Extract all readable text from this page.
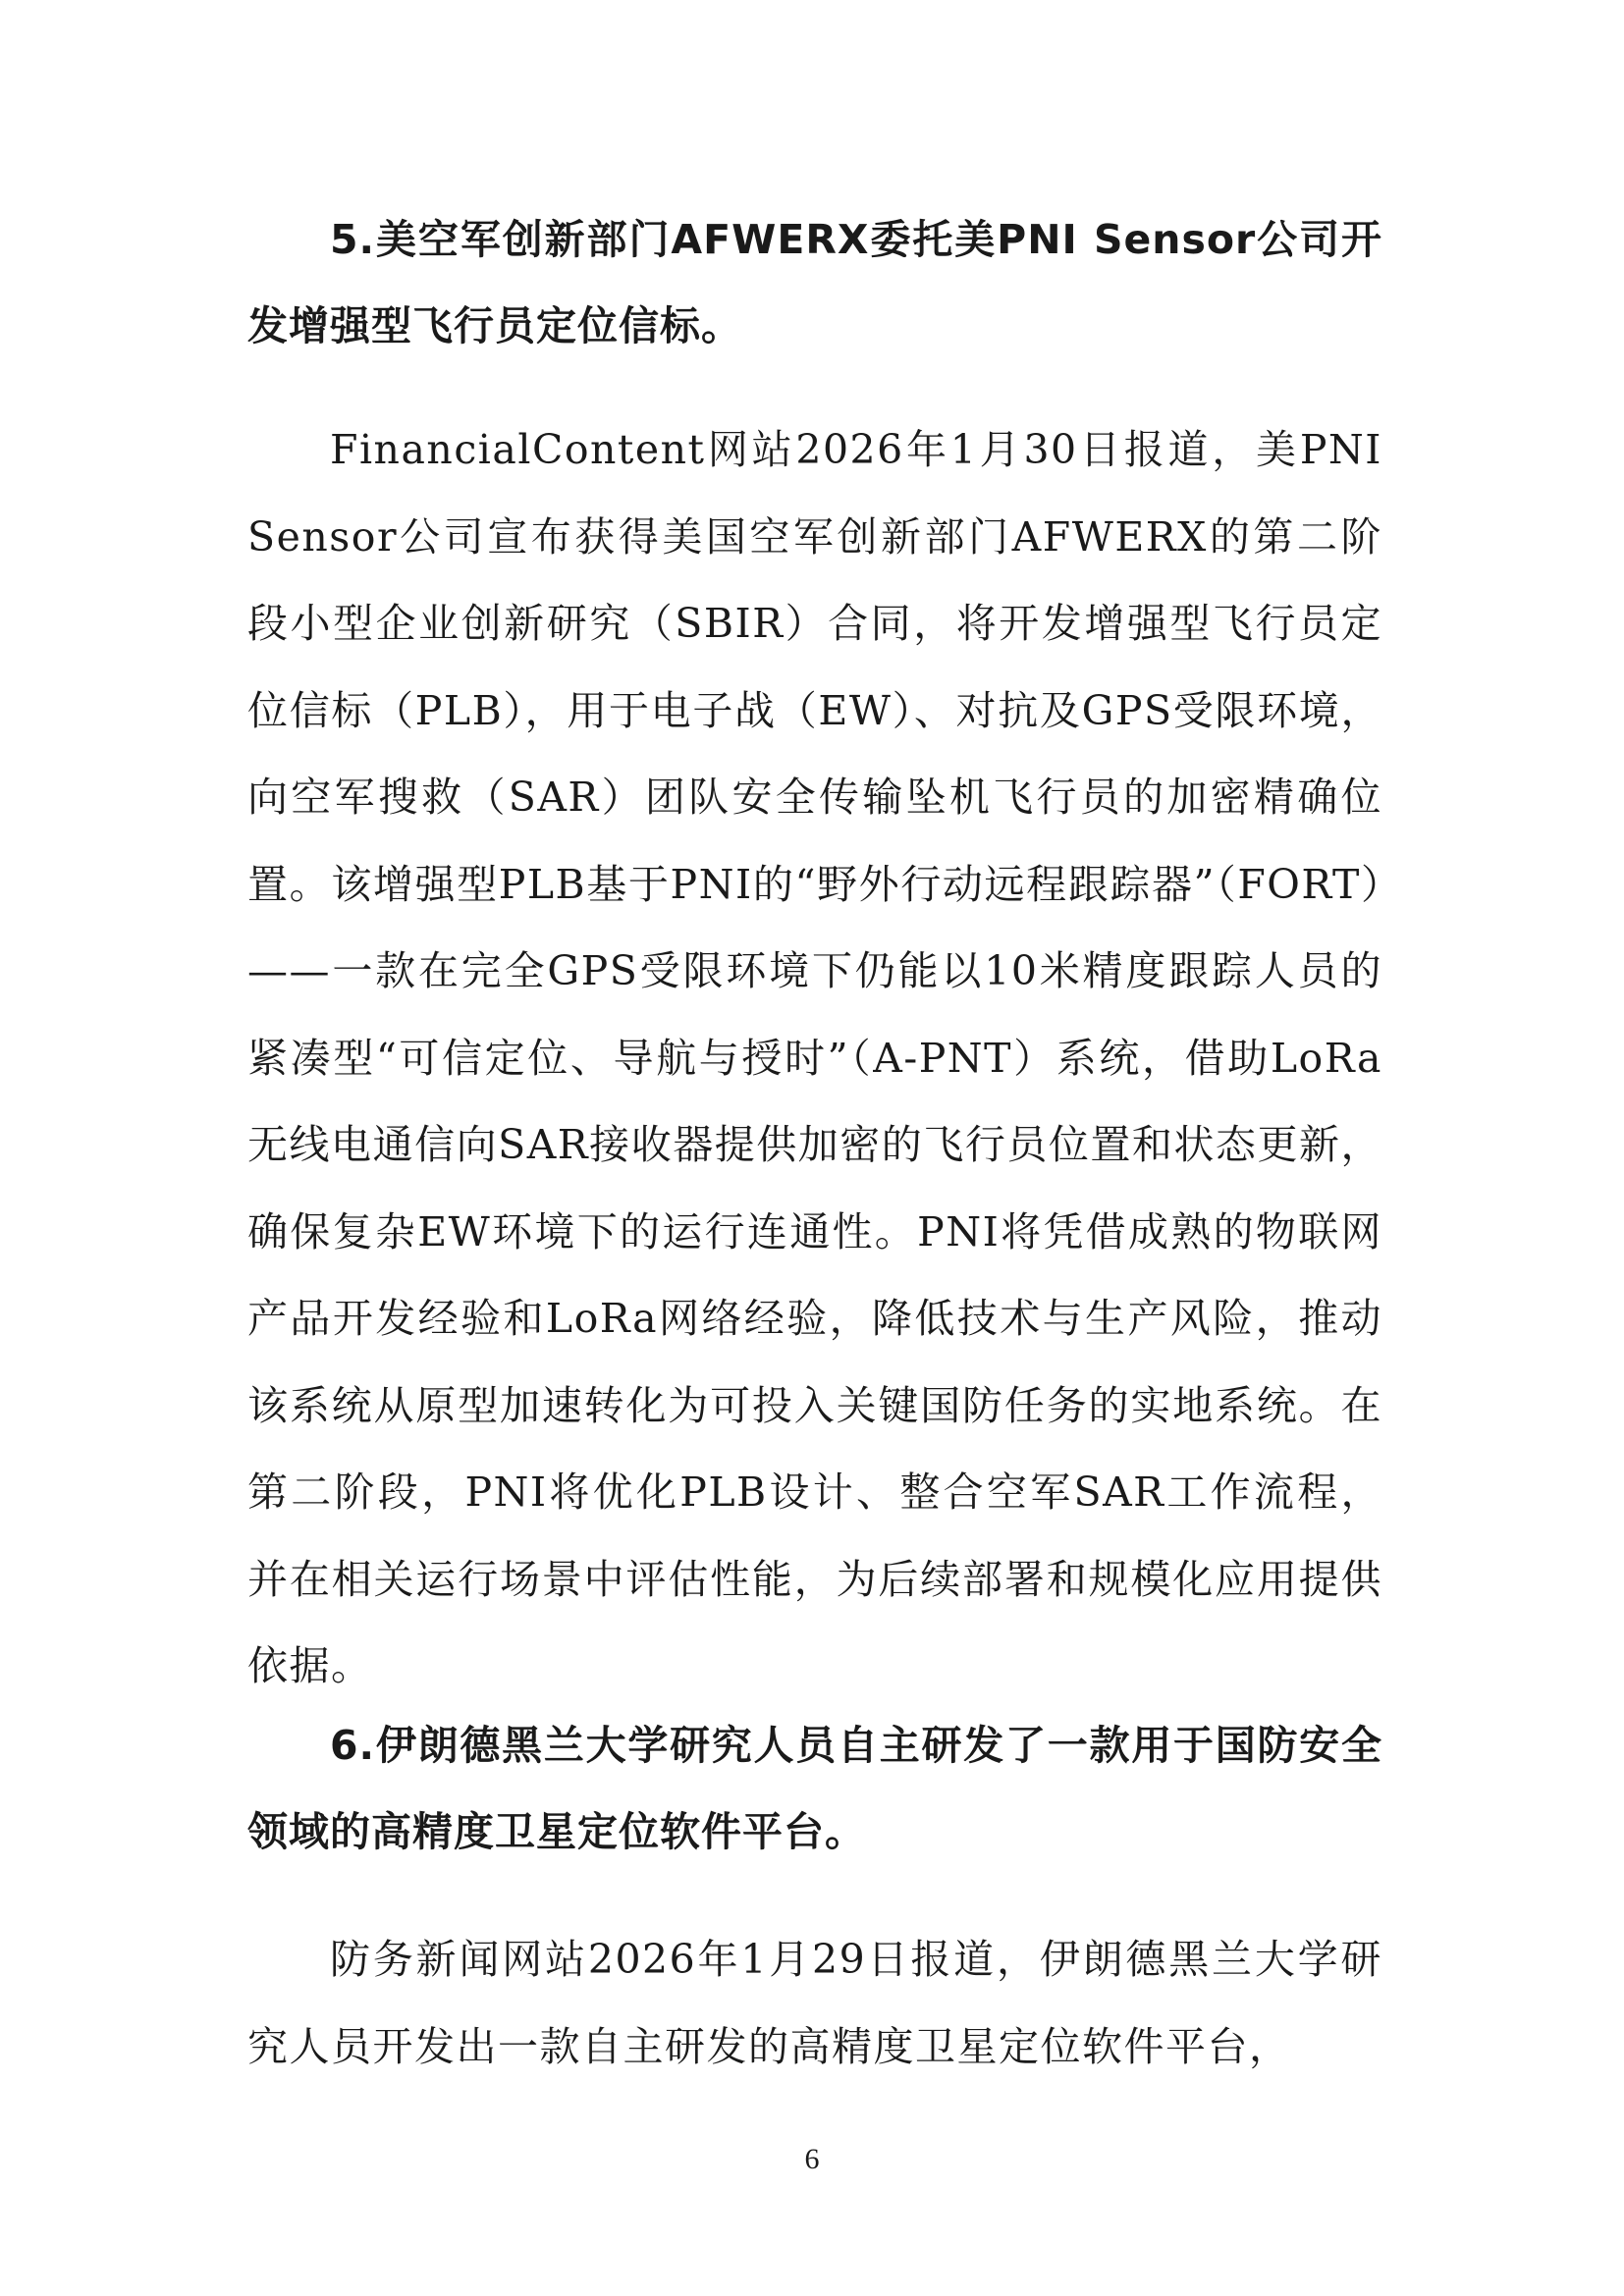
5.美空军创新部门AFWERX委托美PNI Sensor公司开发增强型飞行员定位信标。

FinancialContent网站2026年1月30日报道，美PNI Sensor公司宣布获得美国空军创新部门AFWERX的第二阶段小型企业创新研究（SBIR）合同，将开发增强型飞行员定位信标（PLB），用于电子战（EW）、对抗及GPS受限环境，向空军搜救（SAR）团队安全传输坠机飞行员的加密精确位置。该增强型PLB基于PNI的“野外行动远程跟踪器”（FORT）——一款在完全GPS受限环境下仍能以10米精度跟踪人员的紧凑型“可信定位、导航与授时”（A-PNT）系统，借助LoRa无线电通信向SAR接收器提供加密的飞行员位置和状态更新，确保复杂EW环境下的运行连通性。PNI将凭借成熟的物联网产品开发经验和LoRa网络经验，降低技术与生产风险，推动该系统从原型加速转化为可投入关键国防任务的实地系统。在第二阶段，PNI将优化PLB设计、整合空军SAR工作流程，并在相关运行场景中评估性能，为后续部署和规模化应用提供依据。

6.伊朗德黑兰大学研究人员自主研发了一款用于国防安全领域的高精度卫星定位软件平台。

防务新闻网站2026年1月29日报道，伊朗德黑兰大学研究人员开发出一款自主研发的高精度卫星定位软件平台，

6
